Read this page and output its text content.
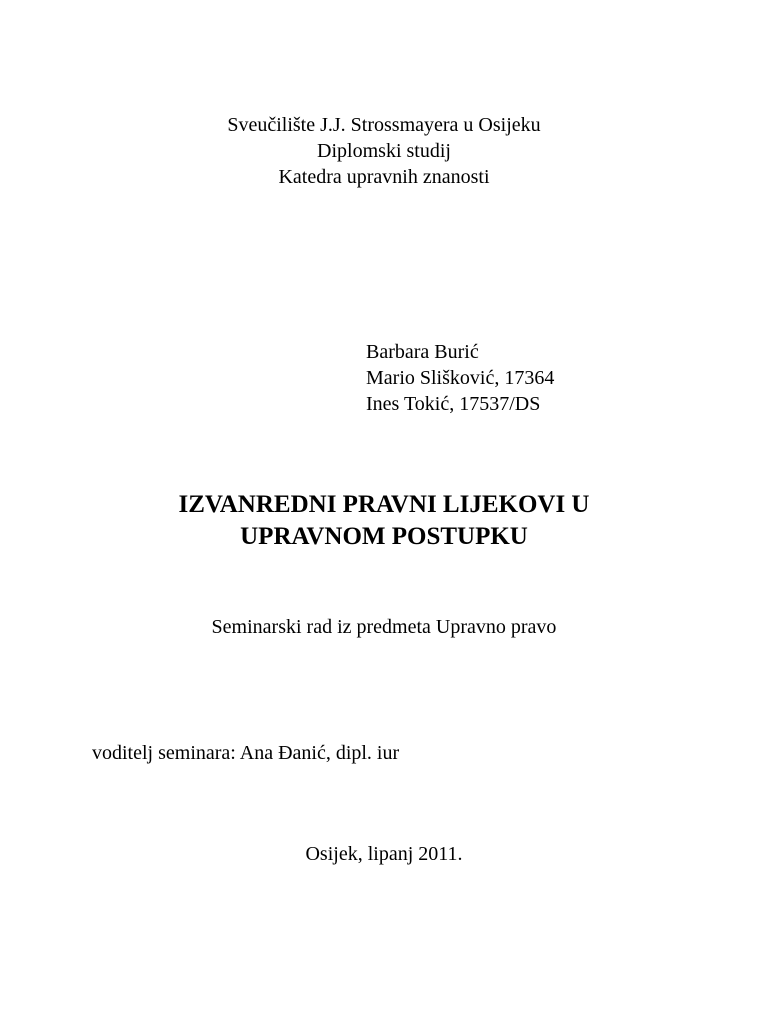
Sveučilište J.J. Strossmayera u Osijeku
Diplomski studij
Katedra upravnih znanosti
Barbara Burić
Mario Slišković, 17364
Ines Tokić, 17537/DS
IZVANREDNI PRAVNI LIJEKOVI U
UPRAVNOM POSTUPKU
Seminarski rad iz predmeta Upravno pravo
voditelj seminara: Ana Đanić, dipl. iur
Osijek, lipanj 2011.
